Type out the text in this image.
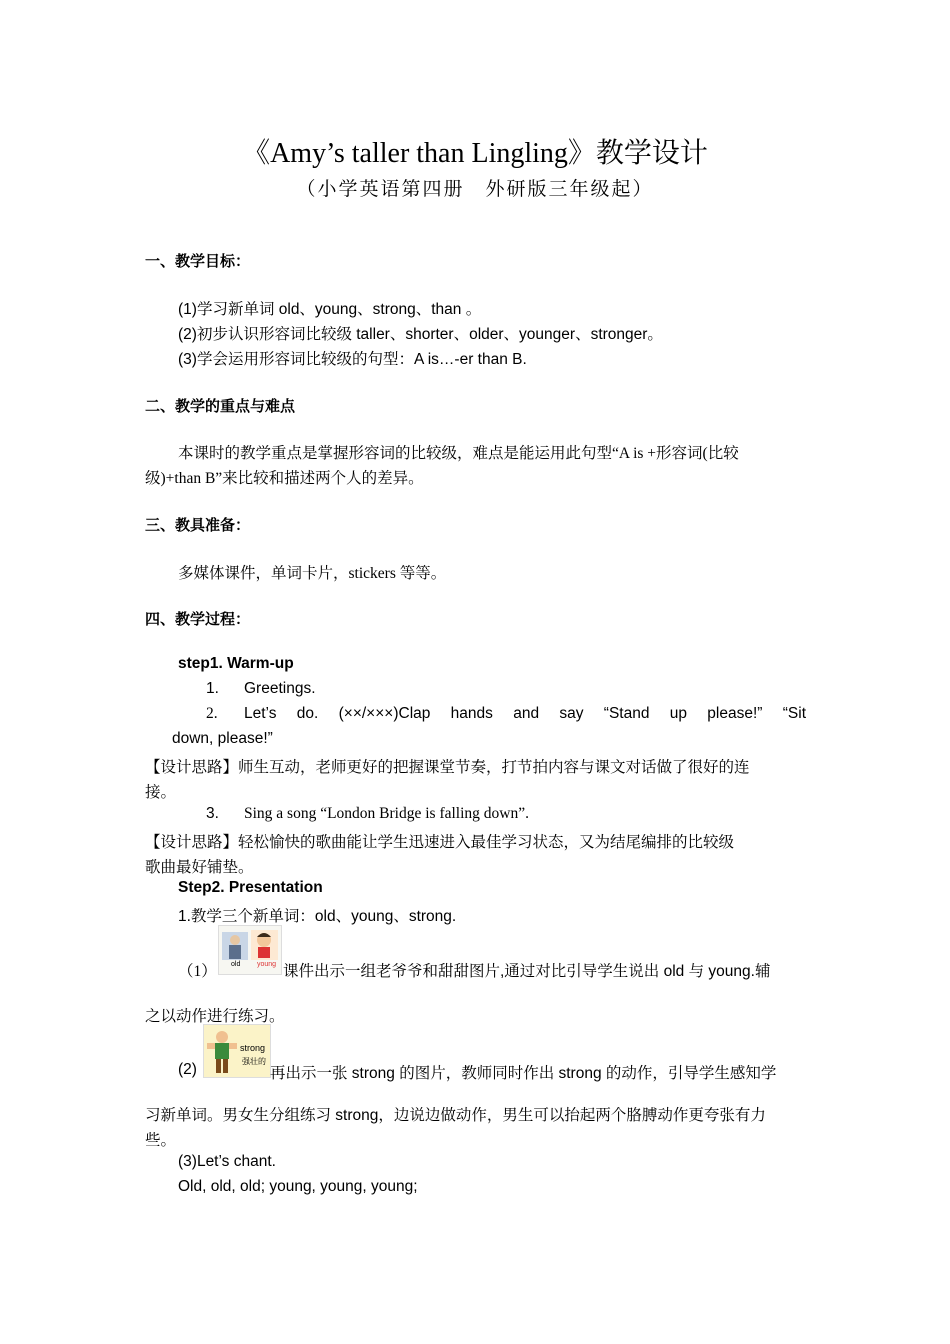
《Amy’s taller than Lingling》教学设计
（小学英语第四册　外研版三年级起）
一、教学目标：
(1)学习新单词 old、young、strong、than 。
(2)初步认识形容词比较级 taller、shorter、older、younger、stronger。
(3)学会运用形容词比较级的句型：A is…-er than B.
二、教学的重点与难点
本课时的教学重点是掌握形容词的比较级，难点是能运用此句型“A is +形容词(比较
级)+than B”来比较和描述两个人的差异。
三、教具准备：
多媒体课件，单词卡片，stickers 等等。
四、教学过程：
step1. Warm-up
1. Greetings.
2. Let’s do. (××/×××)Clap hands and say “Stand up please!” “Sit
down, please!”
【设计思路】师生互动，老师更好的把握课堂节奏，打节拍内容与课文对话做了很好的连
接。
3. Sing a song “London Bridge is falling down”.
【设计思路】轻松愉快的歌曲能让学生迅速进入最佳学习状态，又为结尾编排的比较级
歌曲最好铺垫。
Step2. Presentation
1.教学三个新单词：old、young、strong.
old young
（1）	课件出示一组老爷爷和甜甜图片,通过对比引导学生说出 old 与 young.辅
之以动作进行练习。
strong
强壮的
(2)	再出示一张 strong 的图片，教师同时作出 strong 的动作，引导学生感知学
习新单词。男女生分组练习 strong，边说边做动作，男生可以抬起两个胳膊动作更夸张有力
些。
(3)Let’s chant.
Old, old, old; young, young, young;
